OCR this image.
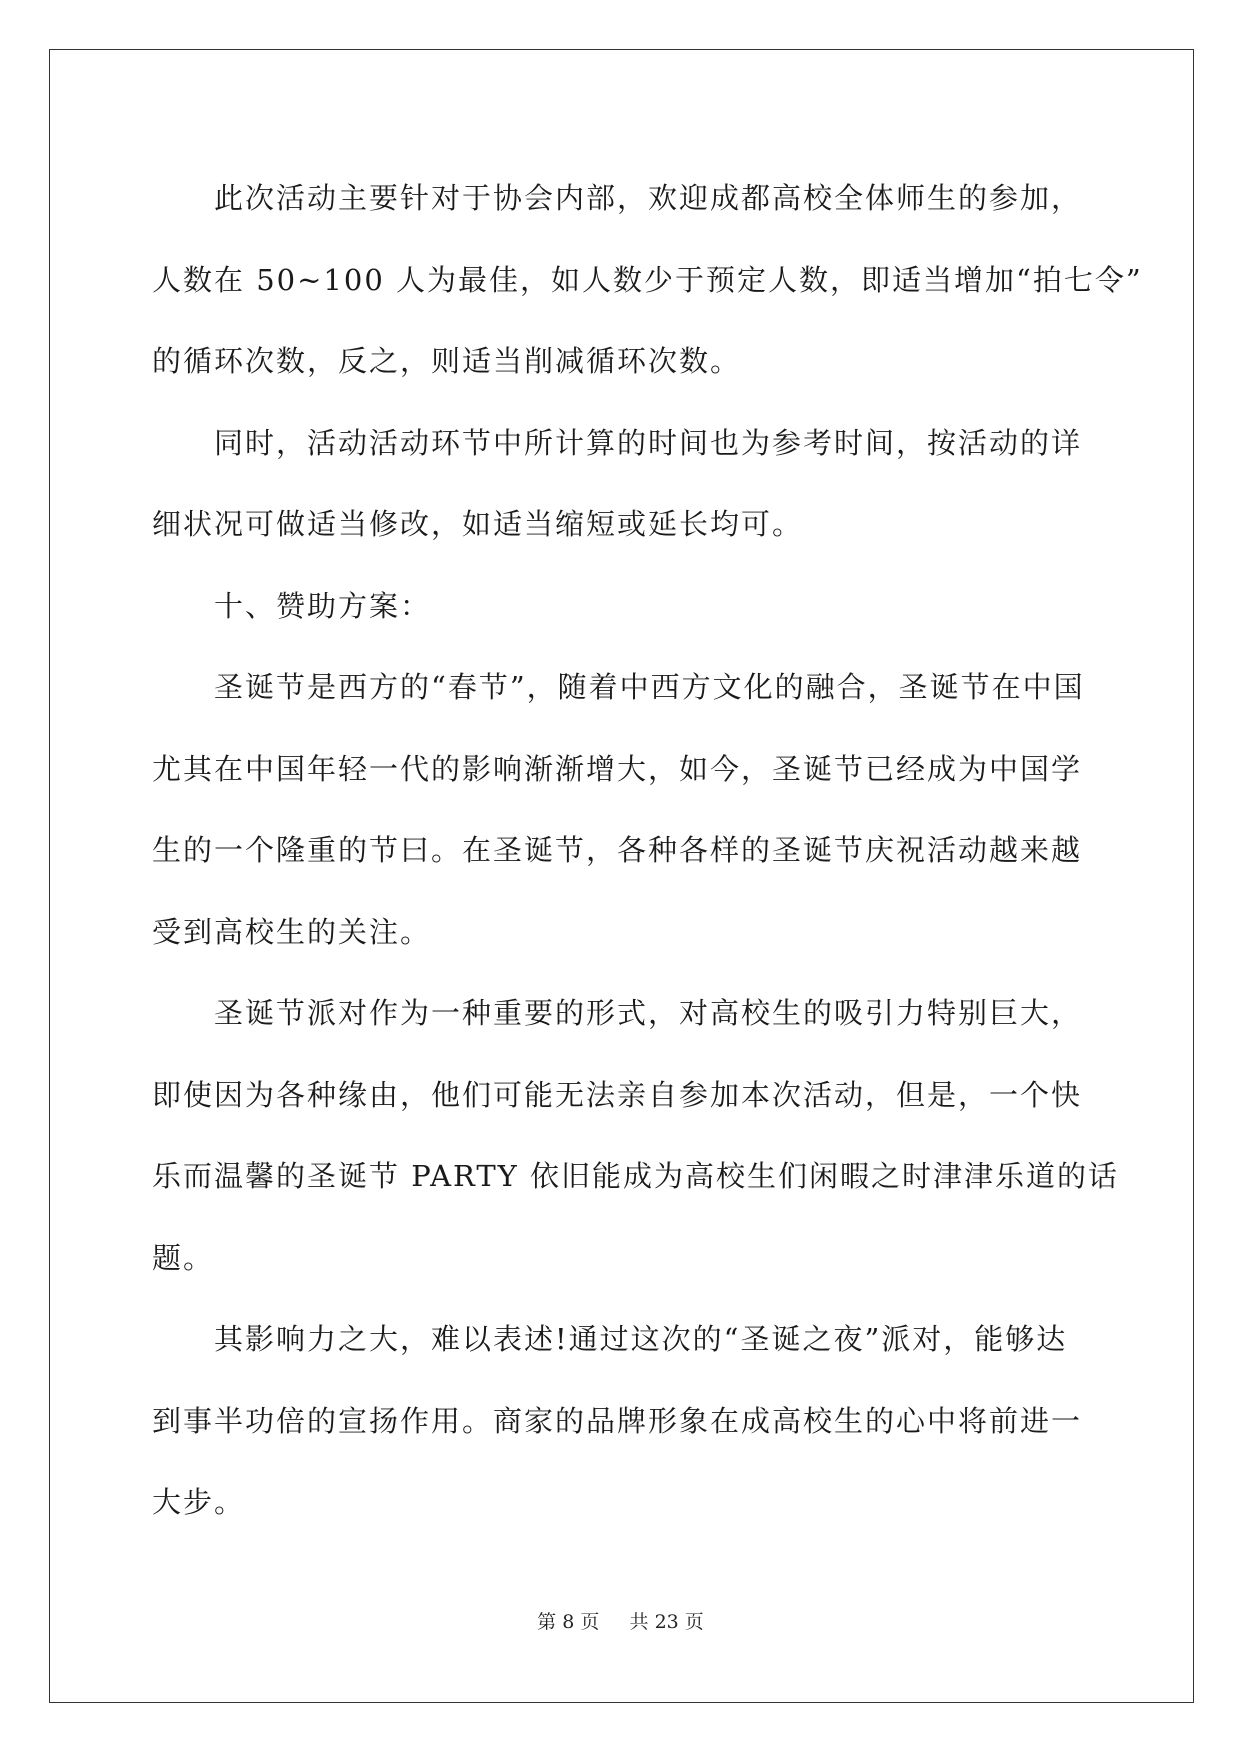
此次活动主要针对于协会内部，欢迎成都高校全体师生的参加，
人数在 50~100 人为最佳，如人数少于预定人数，即适当增加“拍七令”
的循环次数，反之，则适当削减循环次数。
同时，活动活动环节中所计算的时间也为参考时间，按活动的详
细状况可做适当修改，如适当缩短或延长均可。
十、赞助方案：
圣诞节是西方的“春节”，随着中西方文化的融合，圣诞节在中国
尤其在中国年轻一代的影响渐渐增大，如今，圣诞节已经成为中国学
生的一个隆重的节曰。在圣诞节，各种各样的圣诞节庆祝活动越来越
受到高校生的关注。
圣诞节派对作为一种重要的形式，对高校生的吸引力特别巨大，
即使因为各种缘由，他们可能无法亲自参加本次活动，但是，一个快
乐而温馨的圣诞节 PARTY 依旧能成为高校生们闲暇之时津津乐道的话
题。
其影响力之大，难以表述!通过这次的“圣诞之夜”派对，能够达
到事半功倍的宣扬作用。商家的品牌形象在成高校生的心中将前进一
大步。
第 8 页 共 23 页
